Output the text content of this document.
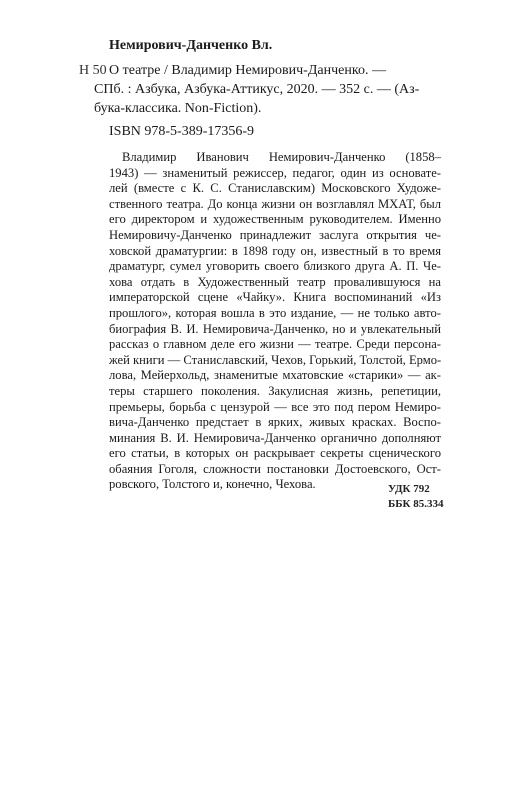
Немирович-Данченко Вл.
Н 50 О театре / Владимир Немирович-Данченко. —
СПб. : Азбука, Азбука-Аттикус, 2020. — 352 с. — (Аз-
бука-классика. Non-Fiction).
ISBN 978-5-389-17356-9
Владимир Иванович Немирович-Данченко (1858–
1943) — знаменитый режиссер, педагог, один из основате-
лей (вместе с К. С. Станиславским) Московского Художе-
ственного театра. До конца жизни он возглавлял МХАТ, был
его директором и художественным руководителем. Именно
Немировичу-Данченко принадлежит заслуга открытия че-
ховской драматургии: в 1898 году он, известный в то время
драматург, сумел уговорить своего близкого друга А. П. Че-
хова отдать в Художественный театр провалившуюся на
императорской сцене «Чайку». Книга воспоминаний «Из
прошлого», которая вошла в это издание, — не только авто-
биография В. И. Немировича-Данченко, но и увлекательный
рассказ о главном деле его жизни — театре. Среди персона-
жей книги — Станиславский, Чехов, Горький, Толстой, Ермо-
лова, Мейерхольд, знаменитые мхатовские «старики» — ак-
теры старшего поколения. Закулисная жизнь, репетиции,
премьеры, борьба с цензурой — все это под пером Немиро-
вича-Данченко предстает в ярких, живых красках. Воспо-
минания В. И. Немировича-Данченко органично дополняют
его статьи, в которых он раскрывает секреты сценического
обаяния Гоголя, сложности постановки Достоевского, Ост-
ровского, Толстого и, конечно, Чехова.	УДК 792
ББК 85.334
